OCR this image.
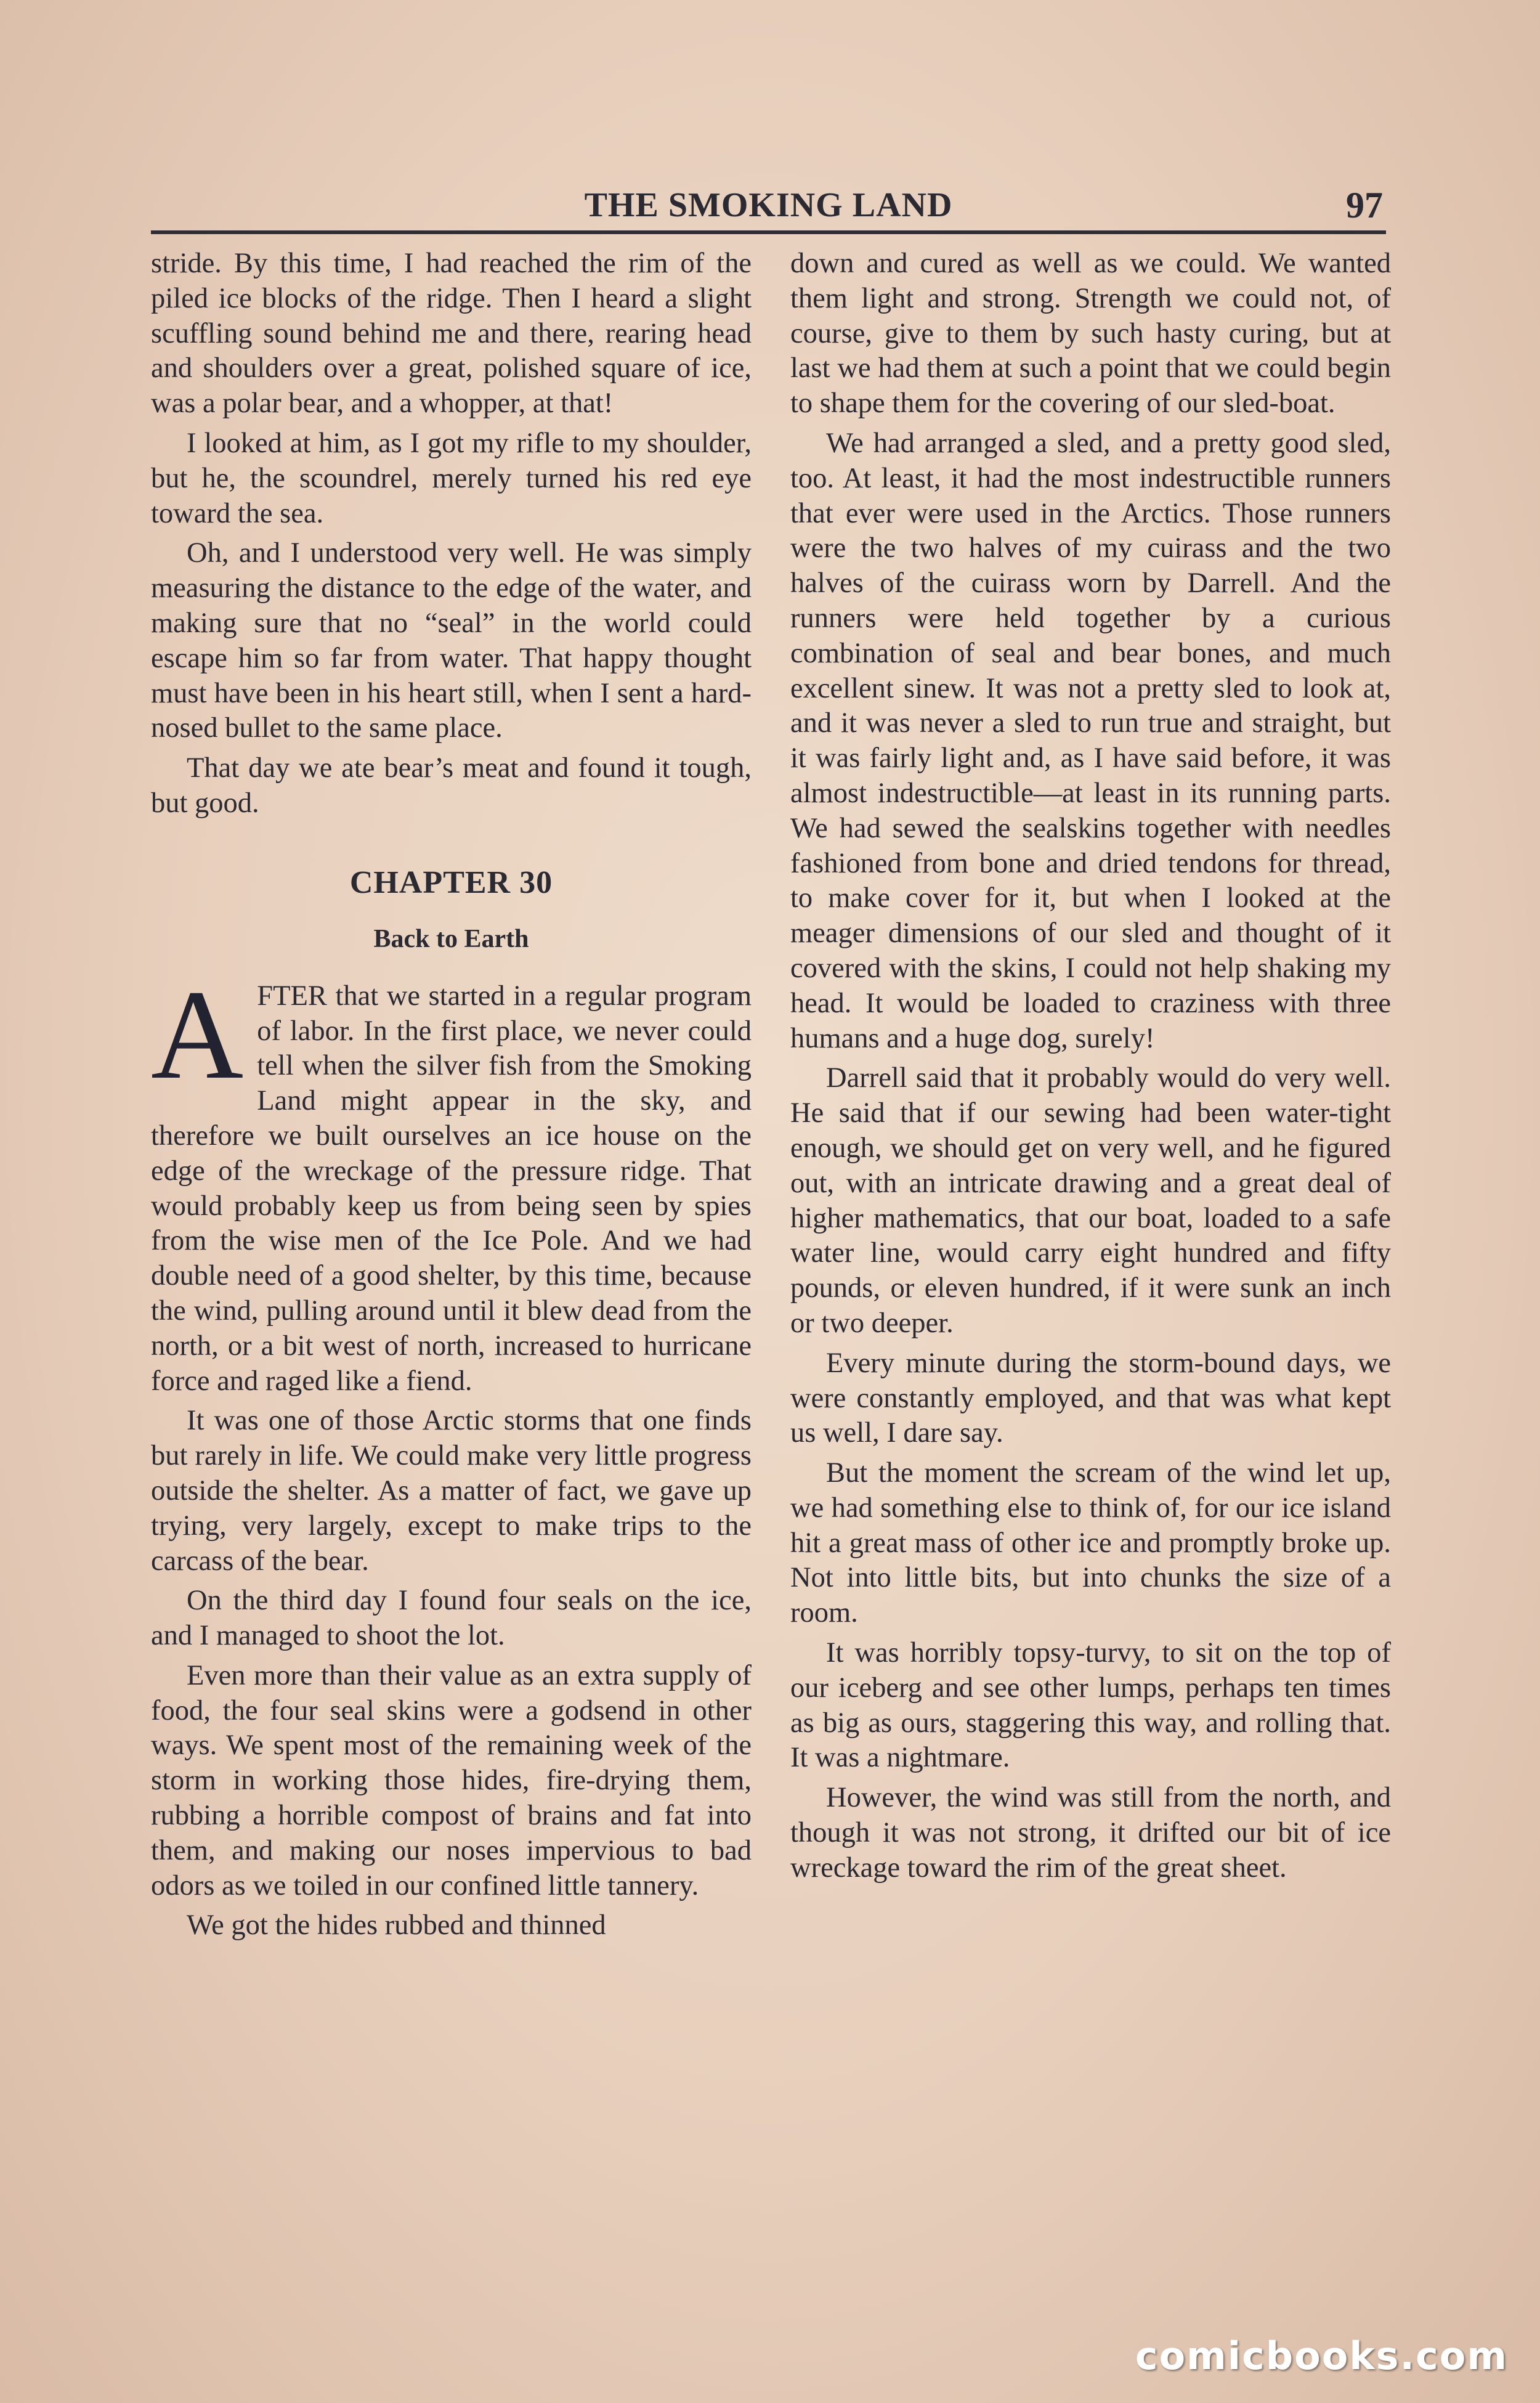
THE SMOKING LAND	97

stride. By this time, I had reached the rim of the piled ice blocks of the ridge. Then I heard a slight scuffling sound behind me and there, rearing head and shoulders over a great, polished square of ice, was a polar bear, and a whopper, at that!

I looked at him, as I got my rifle to my shoulder, but he, the scoundrel, merely turned his red eye toward the sea.

Oh, and I understood very well. He was simply measuring the distance to the edge of the water, and making sure that no “seal” in the world could escape him so far from water. That happy thought must have been in his heart still, when I sent a hard-nosed bullet to the same place.

That day we ate bear’s meat and found it tough, but good.

CHAPTER 30
Back to Earth

AFTER that we started in a regular program of labor. In the first place, we never could tell when the silver fish from the Smoking Land might appear in the sky, and therefore we built ourselves an ice house on the edge of the wreckage of the pressure ridge. That would probably keep us from being seen by spies from the wise men of the Ice Pole. And we had double need of a good shelter, by this time, because the wind, pulling around until it blew dead from the north, or a bit west of north, increased to hurricane force and raged like a fiend.

It was one of those Arctic storms that one finds but rarely in life. We could make very little progress outside the shelter. As a matter of fact, we gave up trying, very largely, except to make trips to the carcass of the bear.

On the third day I found four seals on the ice, and I managed to shoot the lot.

Even more than their value as an extra supply of food, the four seal skins were a godsend in other ways. We spent most of the remaining week of the storm in working those hides, fire-drying them, rubbing a horrible compost of brains and fat into them, and making our noses impervious to bad odors as we toiled in our confined little tannery.

We got the hides rubbed and thinned

down and cured as well as we could. We wanted them light and strong. Strength we could not, of course, give to them by such hasty curing, but at last we had them at such a point that we could begin to shape them for the covering of our sled-boat.

We had arranged a sled, and a pretty good sled, too. At least, it had the most indestructible runners that ever were used in the Arctics. Those runners were the two halves of my cuirass and the two halves of the cuirass worn by Darrell. And the runners were held together by a curious combination of seal and bear bones, and much excellent sinew. It was not a pretty sled to look at, and it was never a sled to run true and straight, but it was fairly light and, as I have said before, it was almost indestructible—at least in its running parts. We had sewed the sealskins together with needles fashioned from bone and dried tendons for thread, to make cover for it, but when I looked at the meager dimensions of our sled and thought of it covered with the skins, I could not help shaking my head. It would be loaded to craziness with three humans and a huge dog, surely!

Darrell said that it probably would do very well. He said that if our sewing had been water-tight enough, we should get on very well, and he figured out, with an intricate drawing and a great deal of higher mathematics, that our boat, loaded to a safe water line, would carry eight hundred and fifty pounds, or eleven hundred, if it were sunk an inch or two deeper.

Every minute during the storm-bound days, we were constantly employed, and that was what kept us well, I dare say.

But the moment the scream of the wind let up, we had something else to think of, for our ice island hit a great mass of other ice and promptly broke up. Not into little bits, but into chunks the size of a room.

It was horribly topsy-turvy, to sit on the top of our iceberg and see other lumps, perhaps ten times as big as ours, staggering this way, and rolling that. It was a nightmare.

However, the wind was still from the north, and though it was not strong, it drifted our bit of ice wreckage toward the rim of the great sheet.

comicbooks.com
